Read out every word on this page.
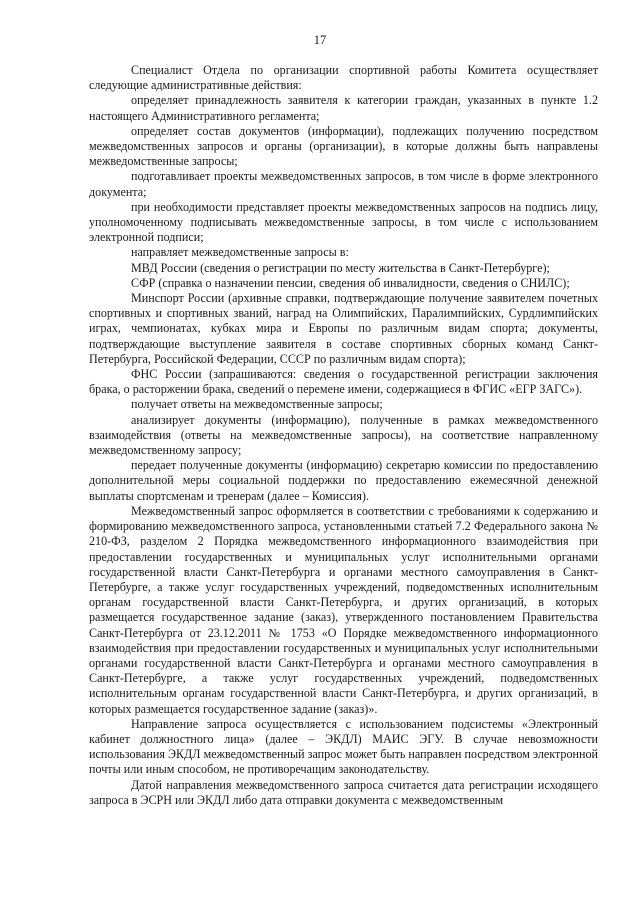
17

Специалист Отдела по организации спортивной работы Комитета осуществляет следующие административные действия:

определяет принадлежность заявителя к категории граждан, указанных в пункте 1.2 настоящего Административного регламента;

определяет состав документов (информации), подлежащих получению посредством межведомственных запросов и органы (организации), в которые должны быть направлены межведомственные запросы;

подготавливает проекты межведомственных запросов, в том числе в форме электронного документа;

при необходимости представляет проекты межведомственных запросов на подпись лицу, уполномоченному подписывать межведомственные запросы, в том числе с использованием электронной подписи;

направляет межведомственные запросы в:

МВД России (сведения о регистрации по месту жительства в Санкт-Петербурге);

СФР (справка о назначении пенсии, сведения об инвалидности, сведения о СНИЛС);

Минспорт России (архивные справки, подтверждающие получение заявителем почетных спортивных и спортивных званий, наград на Олимпийских, Паралимпийских, Сурдлимпийских играх, чемпионатах, кубках мира и Европы по различным видам спорта; документы, подтверждающие выступление заявителя в составе спортивных сборных команд Санкт-Петербурга, Российской Федерации, СССР по различным видам спорта);

ФНС России (запрашиваются: сведения о государственной регистрации заключения брака, о расторжении брака, сведений о перемене имени, содержащиеся в ФГИС «ЕГР ЗАГС»).

получает ответы на межведомственные запросы;

анализирует документы (информацию), полученные в рамках межведомственного взаимодействия (ответы на межведомственные запросы), на соответствие направленному межведомственному запросу;

передает полученные документы (информацию) секретарю комиссии по предоставлению дополнительной меры социальной поддержки по предоставлению ежемесячной денежной выплаты спортсменам и тренерам (далее – Комиссия).

Межведомственный запрос оформляется в соответствии с требованиями к содержанию и формированию межведомственного запроса, установленными статьей 7.2 Федерального закона № 210-ФЗ, разделом 2 Порядка межведомственного информационного взаимодействия при предоставлении государственных и муниципальных услуг исполнительными органами государственной власти Санкт-Петербурга и органами местного самоуправления в Санкт-Петербурге, а также услуг государственных учреждений, подведомственных исполнительным органам государственной власти Санкт-Петербурга, и других организаций, в которых размещается государственное задание (заказ), утвержденного постановлением Правительства Санкт-Петербурга от 23.12.2011 № 1753 «О Порядке межведомственного информационного взаимодействия при предоставлении государственных и муниципальных услуг исполнительными органами государственной власти Санкт-Петербурга и органами местного самоуправления в Санкт-Петербурге, а также услуг государственных учреждений, подведомственных исполнительным органам государственной власти Санкт-Петербурга, и других организаций, в которых размещается государственное задание (заказ)».

Направление запроса осуществляется с использованием подсистемы «Электронный кабинет должностного лица» (далее – ЭКДЛ) МАИС ЭГУ. В случае невозможности использования ЭКДЛ межведомственный запрос может быть направлен посредством электронной почты или иным способом, не противоречащим законодательству.

Датой направления межведомственного запроса считается дата регистрации исходящего запроса в ЭСРН или ЭКДЛ либо дата отправки документа с межведомственным
